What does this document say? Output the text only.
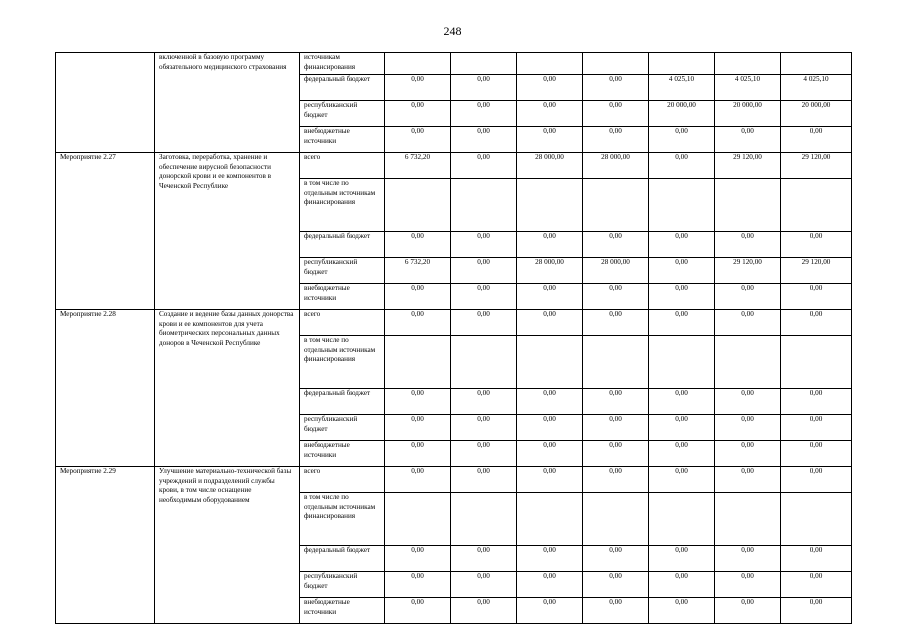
248
	включенной в базовую программу обязательного медицинского страхования	источникам финансирования							
		федеральный бюджет	0,00	0,00	0,00	0,00	4 025,10	4 025,10	4 025,10
		республиканский бюджет	0,00	0,00	0,00	0,00	20 000,00	20 000,00	20 000,00
		внебюджетные источники	0,00	0,00	0,00	0,00	0,00	0,00	0,00
Мероприятие 2.27	Заготовка, переработка, хранение и обеспечение вирусной безопасности донорской крови и ее компонентов в Чеченской Республике	всего	6 732,20	0,00	28 000,00	28 000,00	0,00	29 120,00	29 120,00
		в том числе по отдельным источникам финансирования							
		федеральный бюджет	0,00	0,00	0,00	0,00	0,00	0,00	0,00
		республиканский бюджет	6 732,20	0,00	28 000,00	28 000,00	0,00	29 120,00	29 120,00
		внебюджетные источники	0,00	0,00	0,00	0,00	0,00	0,00	0,00
Мероприятие 2.28	Создание и ведение базы данных донорства крови и ее компонентов для учета биометрических персональных данных доноров в Чеченской Республике	всего	0,00	0,00	0,00	0,00	0,00	0,00	0,00
		в том числе по отдельным источникам финансирования							
		федеральный бюджет	0,00	0,00	0,00	0,00	0,00	0,00	0,00
		республиканский бюджет	0,00	0,00	0,00	0,00	0,00	0,00	0,00
		внебюджетные источники	0,00	0,00	0,00	0,00	0,00	0,00	0,00
Мероприятие 2.29	Улучшение материально-технической базы учреждений и подразделений службы крови, в том числе оснащение необходимым оборудованием	всего	0,00	0,00	0,00	0,00	0,00	0,00	0,00
		в том числе по отдельным источникам финансирования							
		федеральный бюджет	0,00	0,00	0,00	0,00	0,00	0,00	0,00
		республиканский бюджет	0,00	0,00	0,00	0,00	0,00	0,00	0,00
		внебюджетные источники	0,00	0,00	0,00	0,00	0,00	0,00	0,00
